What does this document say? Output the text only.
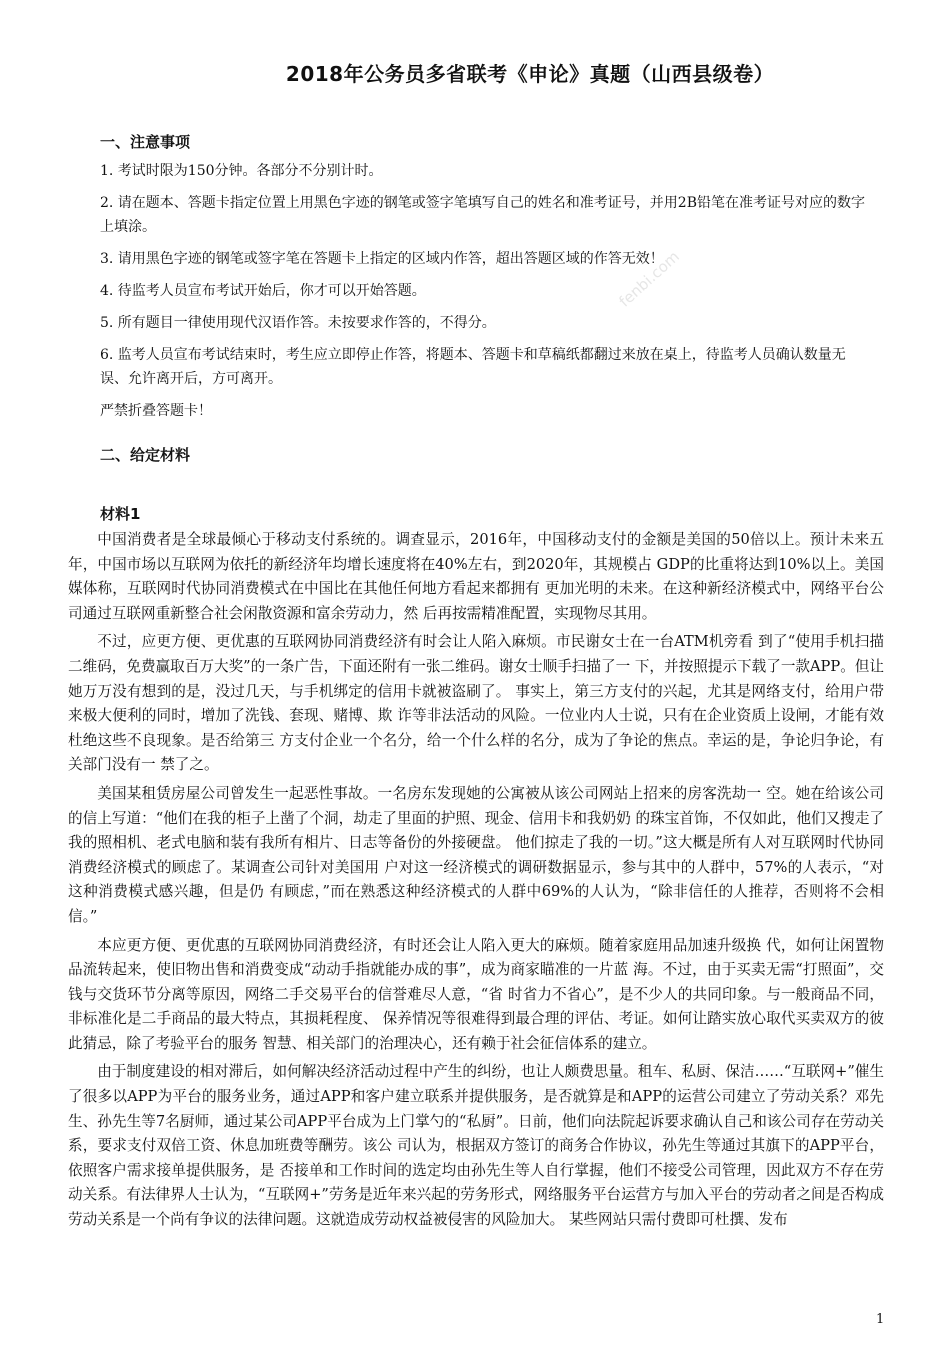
2018年公务员多省联考《申论》真题（山西县级卷）
一、注意事项
1. 考试时限为150分钟。各部分不分别计时。
2. 请在题本、答题卡指定位置上用黑色字迹的钢笔或签字笔填写自己的姓名和准考证号，并用2B铅笔在准考证号对应的数字上填涂。
3. 请用黑色字迹的钢笔或签字笔在答题卡上指定的区域内作答，超出答题区域的作答无效！
4. 待监考人员宣布考试开始后，你才可以开始答题。
5. 所有题目一律使用现代汉语作答。未按要求作答的，不得分。
6. 监考人员宣布考试结束时，考生应立即停止作答，将题本、答题卡和草稿纸都翻过来放在桌上，待监考人员确认数量无误、允许离开后，方可离开。
严禁折叠答题卡！
二、给定材料
材料1

中国消费者是全球最倾心于移动支付系统的。调查显示，2016年，中国移动支付的金额是美国的50倍以上。预计未来五年，中国市场以互联网为依托的新经济年均增长速度将在40%左右，到2020年，其规模占 GDP的比重将达到10%以上。美国媒体称，互联网时代协同消费模式在中国比在其他任何地方看起来都拥有 更加光明的未来。在这种新经济模式中，网络平台公司通过互联网重新整合社会闲散资源和富余劳动力，然 后再按需精准配置，实现物尽其用。

不过，应更方便、更优惠的互联网协同消费经济有时会让人陷入麻烦。市民谢女士在一台ATM机旁看 到了“使用手机扫描二维码，免费赢取百万大奖”的一条广告，下面还附有一张二维码。谢女士顺手扫描了一 下，并按照提示下载了一款APP。但让她万万没有想到的是，没过几天，与手机绑定的信用卡就被盗刷了。 事实上，第三方支付的兴起，尤其是网络支付，给用户带来极大便利的同时，增加了洗钱、套现、赌博、欺 诈等非法活动的风险。一位业内人士说，只有在企业资质上设闸，才能有效杜绝这些不良现象。是否给第三 方支付企业一个名分，给一个什么样的名分，成为了争论的焦点。幸运的是，争论归争论，有关部门没有一 禁了之。

美国某租赁房屋公司曾发生一起恶性事故。一名房东发现她的公寓被从该公司网站上招来的房客洗劫一 空。她在给该公司的信上写道：“他们在我的柜子上凿了个洞，劫走了里面的护照、现金、信用卡和我奶奶 的珠宝首饰，不仅如此，他们又搜走了我的照相机、老式电脑和装有我所有相片、日志等备份的外接硬盘。 他们掠走了我的一切。”这大概是所有人对互联网时代协同消费经济模式的顾虑了。某调查公司针对美国用 户对这一经济模式的调研数据显示，参与其中的人群中，57%的人表示，“对这种消费模式感兴趣，但是仍 有顾虑，”而在熟悉这种经济模式的人群中69%的人认为，“除非信任的人推荐，否则将不会相信。”

本应更方便、更优惠的互联网协同消费经济，有时还会让人陷入更大的麻烦。随着家庭用品加速升级换 代，如何让闲置物品流转起来，使旧物出售和消费变成“动动手指就能办成的事”，成为商家瞄准的一片蓝 海。不过，由于买卖无需“打照面”，交钱与交货环节分离等原因，网络二手交易平台的信誉难尽人意，“省 时省力不省心”，是不少人的共同印象。与一般商品不同，非标准化是二手商品的最大特点，其损耗程度、 保养情况等很难得到最合理的评估、考证。如何让踏实放心取代买卖双方的彼此猜忌，除了考验平台的服务 智慧、相关部门的治理决心，还有赖于社会征信体系的建立。

由于制度建设的相对滞后，如何解决经济活动过程中产生的纠纷，也让人颇费思量。租车、私厨、保洁……“互联网+”催生了很多以APP为平台的服务业务，通过APP和客户建立联系并提供服务，是否就算是和APP的运营公司建立了劳动关系？邓先生、孙先生等7名厨师，通过某公司APP平台成为上门掌勺的“私厨”。日前，他们向法院起诉要求确认自己和该公司存在劳动关系，要求支付双倍工资、休息加班费等酬劳。该公 司认为，根据双方签订的商务合作协议，孙先生等通过其旗下的APP平台，依照客户需求接单提供服务，是 否接单和工作时间的选定均由孙先生等人自行掌握，他们不接受公司管理，因此双方不存在劳动关系。有法律界人士认为，“互联网+”劳务是近年来兴起的劳务形式，网络服务平台运营方与加入平台的劳动者之间是否构成劳动关系是一个尚有争议的法律问题。这就造成劳动权益被侵害的风险加大。 某些网站只需付费即可杜撰、发布

fenbi.com
1
